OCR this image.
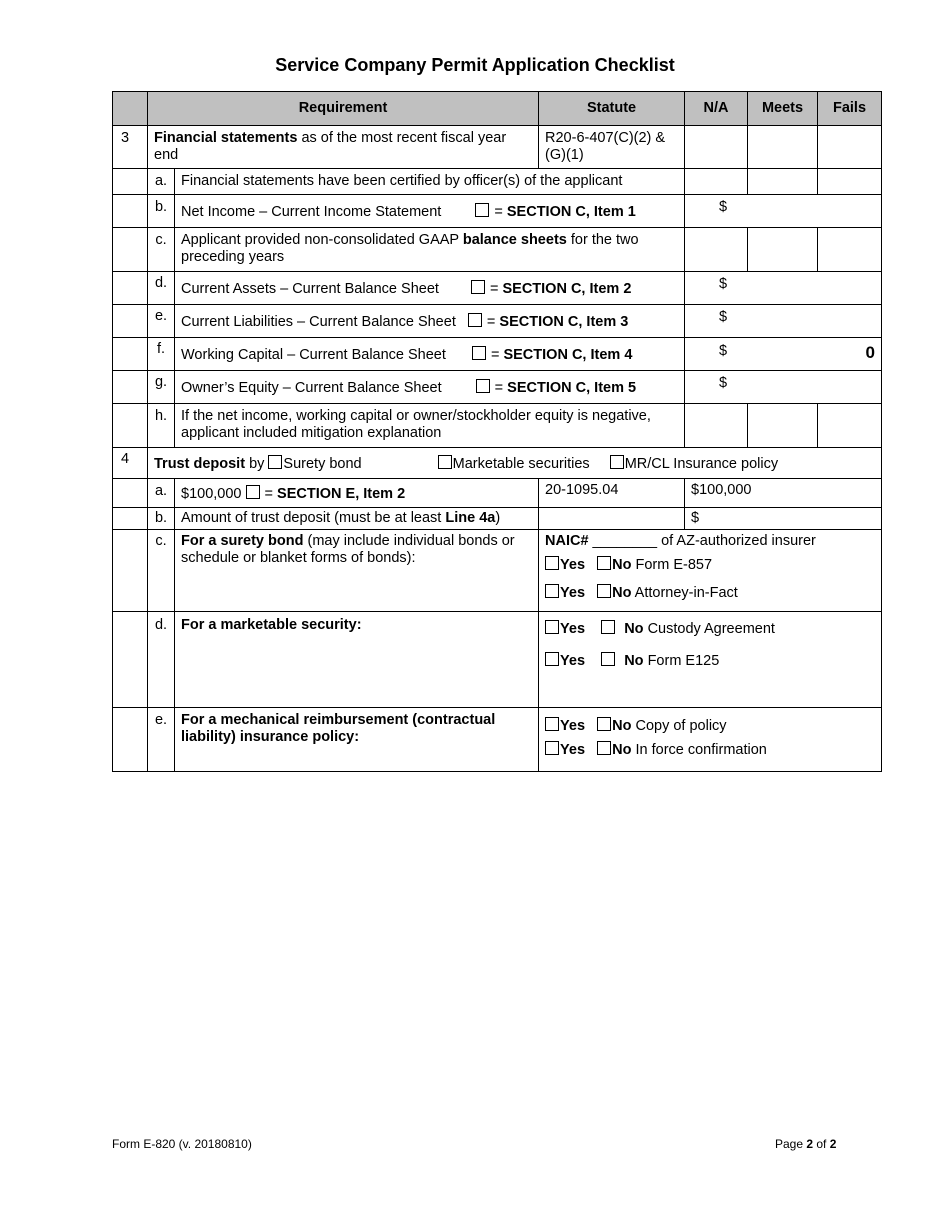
Service Company Permit Application Checklist
	Requirement		Statute	N/A	Meets	Fails
3	Financial statements as of the most recent fiscal year end		R20-6-407(C)(2) & (G)(1)			
	a.	Financial statements have been certified by officer(s) of the applicant				
	b.	Net Income – Current Income Statement = SECTION C, Item 1		$		
	c.	Applicant provided non-consolidated GAAP balance sheets for the two preceding years				
	d.	Current Assets – Current Balance Sheet = SECTION C, Item 2		$		
	e.	Current Liabilities – Current Balance Sheet = SECTION C, Item 3		$		
	f.	Working Capital – Current Balance Sheet = SECTION C, Item 4		$ 0		

	g.	Owner’s Equity – Current Balance Sheet = SECTION C, Item 5		$		
	h.	If the net income, working capital or owner/stockholder equity is negative, applicant included mitigation explanation				
4	Trust deposit by Surety bond Marketable securities MR/CL Insurance policy					
	a.	$100,000  = SECTION E, Item 2	20-1095.04	$100,000		
	b.	Amount of trust deposit (must be at least Line 4a)		$		
	c.	For a surety bond (may include individual bonds or schedule or blanket forms of bonds):	NAIC# ________ of AZ-authorized insurer
Yes No Form E-857
Yes No Attorney-in-Fact			

	d.	For a marketable security:	Yes No Custody Agreement
Yes No Form E125			

	e.	For a mechanical reimbursement (contractual liability) insurance policy:	Yes No Copy of policy
Yes No In force confirmation			
Form E-820 (v. 20180810)	Page 2 of 2
